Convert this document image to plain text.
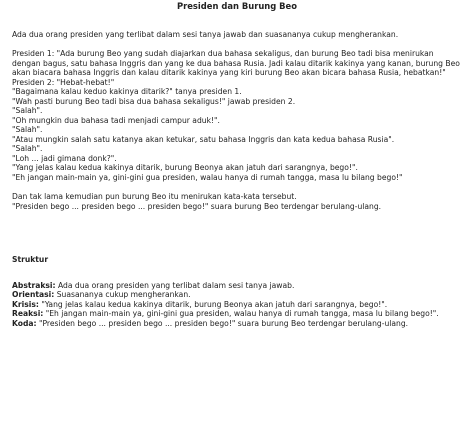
Presiden dan Burung Beo

Ada dua orang presiden yang terlibat dalam sesi tanya jawab dan suasananya cukup mengherankan.

Presiden 1: "Ada burung Beo yang sudah diajarkan dua bahasa sekaligus, dan burung Beo tadi bisa menirukan dengan bagus, satu bahasa Inggris dan yang ke dua bahasa Rusia. Jadi kalau ditarik kakinya yang kanan, burung Beo akan biacara bahasa Inggris dan kalau ditarik kakinya yang kiri burung Beo akan bicara bahasa Rusia, hebatkan!"

Presiden 2: "Hebat-hebat!"

"Bagaimana kalau keduo kakinya ditarik?" tanya presiden 1.

"Wah pasti burung Beo tadi bisa dua bahasa sekaligus!" jawab presiden 2.

"Salah".

"Oh mungkin dua bahasa tadi menjadi campur aduk!".

"Salah".

"Atau mungkin salah satu katanya akan ketukar, satu bahasa Inggris dan kata kedua bahasa Rusia".

"Salah".

"Loh ... jadi gimana donk?".

"Yang jelas kalau kedua kakinya ditarik, burung Beonya akan jatuh dari sarangnya, bego!".

"Eh jangan main-main ya, gini-gini gua presiden, walau hanya di rumah tangga, masa lu bilang bego!"

Dan tak lama kemudian pun burung Beo itu menirukan kata-kata tersebut.

"Presiden bego ... presiden bego ... presiden bego!" suara burung Beo terdengar berulang-ulang.

Struktur

Abstraksi: Ada dua orang presiden yang terlibat dalam sesi tanya jawab.

Orientasi: Suasananya cukup mengherankan.

Krisis: "Yang jelas kalau kedua kakinya ditarik, burung Beonya akan jatuh dari sarangnya, bego!".

Reaksi: "Eh jangan main-main ya, gini-gini gua presiden, walau hanya di rumah tangga, masa lu bilang bego!".

Koda: "Presiden bego ... presiden bego ... presiden bego!" suara burung Beo terdengar berulang-ulang.
